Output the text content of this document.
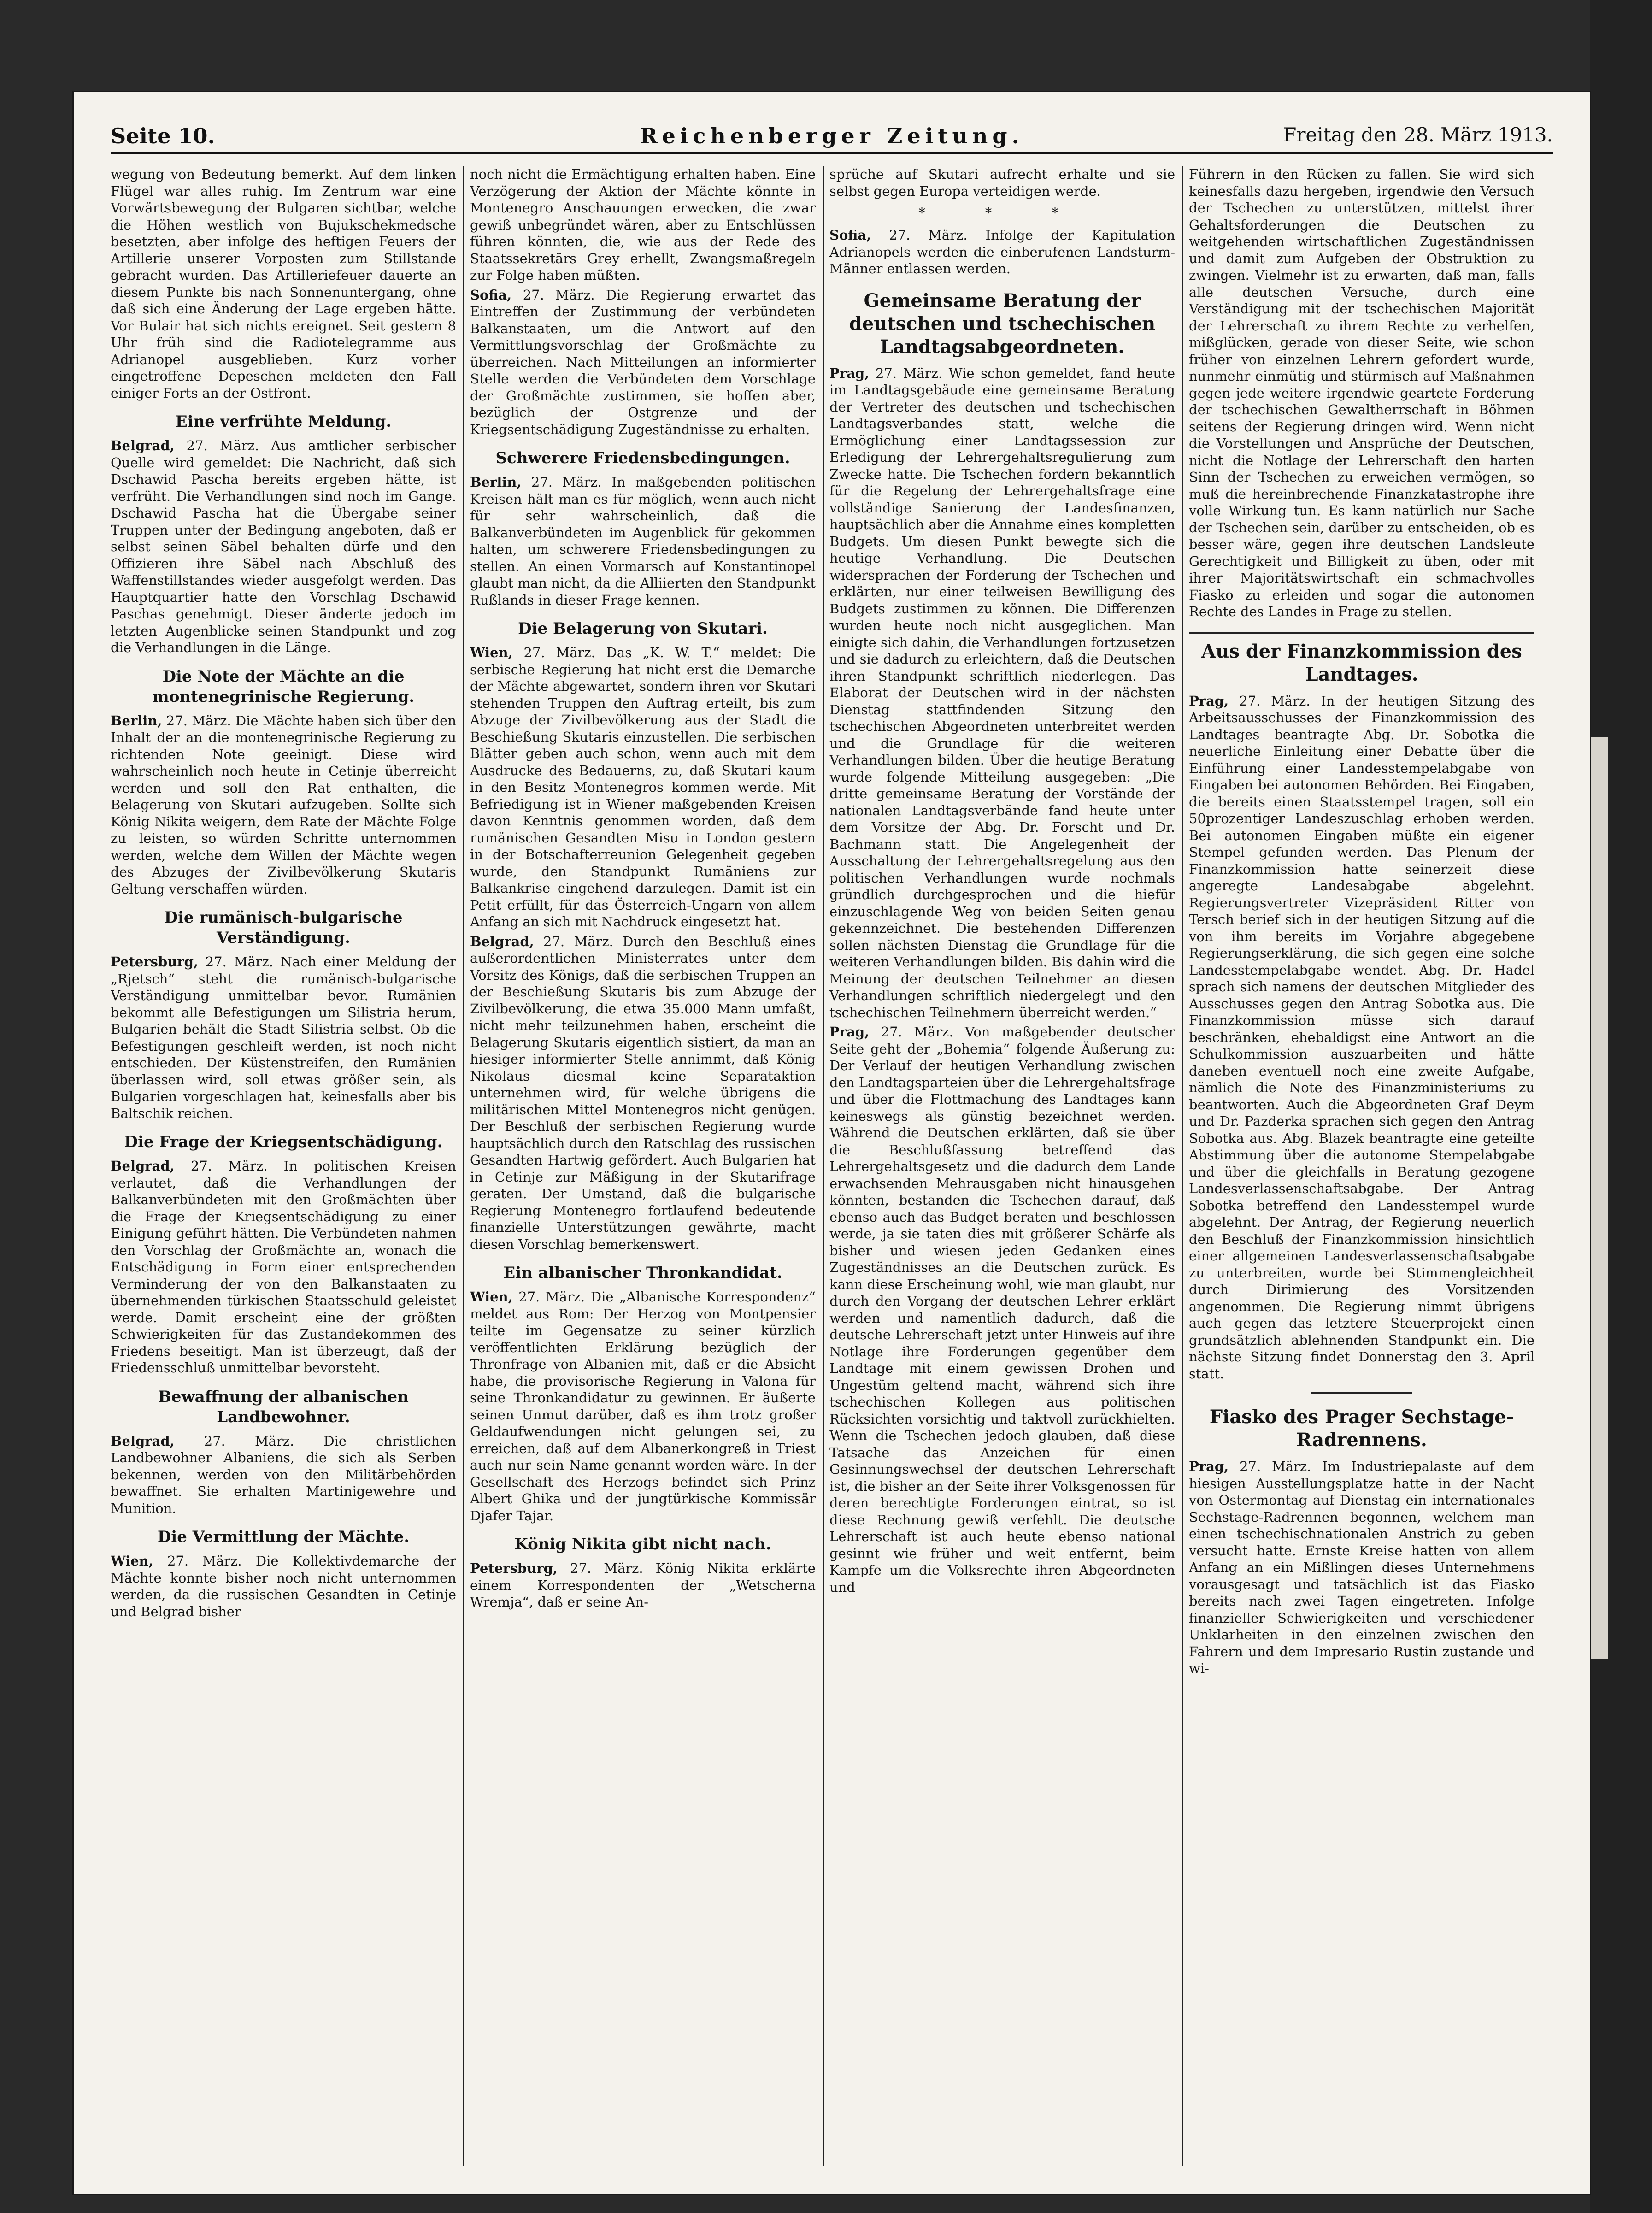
Seite 10.	Reichenberger Zeitung.	Freitag den 28. März 1913.

wegung von Bedeutung bemerkt. Auf dem linken Flügel war alles ruhig. Im Zentrum war eine Vorwärtsbewegung der Bulgaren sichtbar, welche die Höhen westlich von Bujukschekmedsche besetzten, aber infolge des heftigen Feuers der Artillerie unserer Vorposten zum Stillstande gebracht wurden. Das Artilleriefeuer dauerte an diesem Punkte bis nach Sonnenuntergang, ohne daß sich eine Änderung der Lage ergeben hätte. Vor Bulair hat sich nichts ereignet. Seit gestern 8 Uhr früh sind die Radiotelegramme aus Adrianopel ausgeblieben. Kurz vorher eingetroffene Depeschen meldeten den Fall einiger Forts an der Ostfront.

Eine verfrühte Meldung.

Belgrad, 27. März. Aus amtlicher serbischer Quelle wird gemeldet: Die Nachricht, daß sich Dschawid Pascha bereits ergeben hätte, ist verfrüht. Die Verhandlungen sind noch im Gange. Dschawid Pascha hat die Übergabe seiner Truppen unter der Bedingung angeboten, daß er selbst seinen Säbel behalten dürfe und den Offizieren ihre Säbel nach Abschluß des Waffenstillstandes wieder ausgefolgt werden. Das Hauptquartier hatte den Vorschlag Dschawid Paschas genehmigt. Dieser änderte jedoch im letzten Augenblicke seinen Standpunkt und zog die Verhandlungen in die Länge.

Die Note der Mächte an die montenegrinische Regierung.

Berlin, 27. März. Die Mächte haben sich über den Inhalt der an die montenegrinische Regierung zu richtenden Note geeinigt. Diese wird wahrscheinlich noch heute in Cetinje überreicht werden und soll den Rat enthalten, die Belagerung von Skutari aufzugeben. Sollte sich König Nikita weigern, dem Rate der Mächte Folge zu leisten, so würden Schritte unternommen werden, welche dem Willen der Mächte wegen des Abzuges der Zivilbevölkerung Skutaris Geltung verschaffen würden.

Die rumänisch-bulgarische Verständigung.

Petersburg, 27. März. Nach einer Meldung der „Rjetsch“ steht die rumänisch-bulgarische Verständigung unmittelbar bevor. Rumänien bekommt alle Befestigungen um Silistria herum, Bulgarien behält die Stadt Silistria selbst. Ob die Befestigungen geschleift werden, ist noch nicht entschieden. Der Küstenstreifen, den Rumänien überlassen wird, soll etwas größer sein, als Bulgarien vorgeschlagen hat, keinesfalls aber bis Baltschik reichen.

Die Frage der Kriegsentschädigung.

Belgrad, 27. März. In politischen Kreisen verlautet, daß die Verhandlungen der Balkanverbündeten mit den Großmächten über die Frage der Kriegsentschädigung zu einer Einigung geführt hätten. Die Verbündeten nahmen den Vorschlag der Großmächte an, wonach die Entschädigung in Form einer entsprechenden Verminderung der von den Balkanstaaten zu übernehmenden türkischen Staatsschuld geleistet werde. Damit erscheint eine der größten Schwierigkeiten für das Zustandekommen des Friedens beseitigt. Man ist überzeugt, daß der Friedensschluß unmittelbar bevorsteht.

Bewaffnung der albanischen Landbewohner.

Belgrad, 27. März. Die christlichen Landbewohner Albaniens, die sich als Serben bekennen, werden von den Militärbehörden bewaffnet. Sie erhalten Martinigewehre und Munition.

Die Vermittlung der Mächte.

Wien, 27. März. Die Kollektivdemarche der Mächte konnte bisher noch nicht unternommen werden, da die russischen Gesandten in Cetinje und Belgrad bisher

noch nicht die Ermächtigung erhalten haben. Eine Verzögerung der Aktion der Mächte könnte in Montenegro Anschauungen erwecken, die zwar gewiß unbegründet wären, aber zu Entschlüssen führen könnten, die, wie aus der Rede des Staatssekretärs Grey erhellt, Zwangsmaßregeln zur Folge haben müßten.

Sofia, 27. März. Die Regierung erwartet das Eintreffen der Zustimmung der verbündeten Balkanstaaten, um die Antwort auf den Vermittlungsvorschlag der Großmächte zu überreichen. Nach Mitteilungen an informierter Stelle werden die Verbündeten dem Vorschlage der Großmächte zustimmen, sie hoffen aber, bezüglich der Ostgrenze und der Kriegsentschädigung Zugeständnisse zu erhalten.

Schwerere Friedensbedingungen.

Berlin, 27. März. In maßgebenden politischen Kreisen hält man es für möglich, wenn auch nicht für sehr wahrscheinlich, daß die Balkanverbündeten im Augenblick für gekommen halten, um schwerere Friedensbedingungen zu stellen. An einen Vormarsch auf Konstantinopel glaubt man nicht, da die Alliierten den Standpunkt Rußlands in dieser Frage kennen.

Die Belagerung von Skutari.

Wien, 27. März. Das „K. W. T.“ meldet: Die serbische Regierung hat nicht erst die Demarche der Mächte abgewartet, sondern ihren vor Skutari stehenden Truppen den Auftrag erteilt, bis zum Abzuge der Zivilbevölkerung aus der Stadt die Beschießung Skutaris einzustellen. Die serbischen Blätter geben auch schon, wenn auch mit dem Ausdrucke des Bedauerns, zu, daß Skutari kaum in den Besitz Montenegros kommen werde. Mit Befriedigung ist in Wiener maßgebenden Kreisen davon Kenntnis genommen worden, daß dem rumänischen Gesandten Misu in London gestern in der Botschafterreunion Gelegenheit gegeben wurde, den Standpunkt Rumäniens zur Balkankrise eingehend darzulegen. Damit ist ein Petit erfüllt, für das Österreich-Ungarn von allem Anfang an sich mit Nachdruck eingesetzt hat.

Belgrad, 27. März. Durch den Beschluß eines außerordentlichen Ministerrates unter dem Vorsitz des Königs, daß die serbischen Truppen an der Beschießung Skutaris bis zum Abzuge der Zivilbevölkerung, die etwa 35.000 Mann umfaßt, nicht mehr teilzunehmen haben, erscheint die Belagerung Skutaris eigentlich sistiert, da man an hiesiger informierter Stelle annimmt, daß König Nikolaus diesmal keine Separataktion unternehmen wird, für welche übrigens die militärischen Mittel Montenegros nicht genügen. Der Beschluß der serbischen Regierung wurde hauptsächlich durch den Ratschlag des russischen Gesandten Hartwig gefördert. Auch Bulgarien hat in Cetinje zur Mäßigung in der Skutarifrage geraten. Der Umstand, daß die bulgarische Regierung Montenegro fortlaufend bedeutende finanzielle Unterstützungen gewährte, macht diesen Vorschlag bemerkenswert.

Ein albanischer Thronkandidat.

Wien, 27. März. Die „Albanische Korrespondenz“ meldet aus Rom: Der Herzog von Montpensier teilte im Gegensatze zu seiner kürzlich veröffentlichten Erklärung bezüglich der Thronfrage von Albanien mit, daß er die Absicht habe, die provisorische Regierung in Valona für seine Thronkandidatur zu gewinnen. Er äußerte seinen Unmut darüber, daß es ihm trotz großer Geldaufwendungen nicht gelungen sei, zu erreichen, daß auf dem Albanerkongreß in Triest auch nur sein Name genannt worden wäre. In der Gesellschaft des Herzogs befindet sich Prinz Albert Ghika und der jungtürkische Kommissär Djafer Tajar.

König Nikita gibt nicht nach.

Petersburg, 27. März. König Nikita erklärte einem Korrespondenten der „Wetscherna Wremja“, daß er seine An-

sprüche auf Skutari aufrecht erhalte und sie selbst gegen Europa verteidigen werde.

* * *

Sofia, 27. März. Infolge der Kapitulation Adrianopels werden die einberufenen Landsturm-Männer entlassen werden.

Gemeinsame Beratung der deutschen und tschechischen Landtagsabgeordneten.

Prag, 27. März. Wie schon gemeldet, fand heute im Landtagsgebäude eine gemeinsame Beratung der Vertreter des deutschen und tschechischen Landtagsverbandes statt, welche die Ermöglichung einer Landtagssession zur Erledigung der Lehrergehaltsregulierung zum Zwecke hatte. Die Tschechen fordern bekanntlich für die Regelung der Lehrergehaltsfrage eine vollständige Sanierung der Landesfinanzen, hauptsächlich aber die Annahme eines kompletten Budgets. Um diesen Punkt bewegte sich die heutige Verhandlung. Die Deutschen widersprachen der Forderung der Tschechen und erklärten, nur einer teilweisen Bewilligung des Budgets zustimmen zu können. Die Differenzen wurden heute noch nicht ausgeglichen. Man einigte sich dahin, die Verhandlungen fortzusetzen und sie dadurch zu erleichtern, daß die Deutschen ihren Standpunkt schriftlich niederlegen. Das Elaborat der Deutschen wird in der nächsten Dienstag stattfindenden Sitzung den tschechischen Abgeordneten unterbreitet werden und die Grundlage für die weiteren Verhandlungen bilden. Über die heutige Beratung wurde folgende Mitteilung ausgegeben: „Die dritte gemeinsame Beratung der Vorstände der nationalen Landtagsverbände fand heute unter dem Vorsitze der Abg. Dr. Forscht und Dr. Bachmann statt. Die Angelegenheit der Ausschaltung der Lehrergehaltsregelung aus den politischen Verhandlungen wurde nochmals gründlich durchgesprochen und die hiefür einzuschlagende Weg von beiden Seiten genau gekennzeichnet. Die bestehenden Differenzen sollen nächsten Dienstag die Grundlage für die weiteren Verhandlungen bilden. Bis dahin wird die Meinung der deutschen Teilnehmer an diesen Verhandlungen schriftlich niedergelegt und den tschechischen Teilnehmern überreicht werden.“

Prag, 27. März. Von maßgebender deutscher Seite geht der „Bohemia“ folgende Äußerung zu: Der Verlauf der heutigen Verhandlung zwischen den Landtagsparteien über die Lehrergehaltsfrage und über die Flottmachung des Landtages kann keineswegs als günstig bezeichnet werden. Während die Deutschen erklärten, daß sie über die Beschlußfassung betreffend das Lehrergehaltsgesetz und die dadurch dem Lande erwachsenden Mehrausgaben nicht hinausgehen könnten, bestanden die Tschechen darauf, daß ebenso auch das Budget beraten und beschlossen werde, ja sie taten dies mit größerer Schärfe als bisher und wiesen jeden Gedanken eines Zugeständnisses an die Deutschen zurück. Es kann diese Erscheinung wohl, wie man glaubt, nur durch den Vorgang der deutschen Lehrer erklärt werden und namentlich dadurch, daß die deutsche Lehrerschaft jetzt unter Hinweis auf ihre Notlage ihre Forderungen gegenüber dem Landtage mit einem gewissen Drohen und Ungestüm geltend macht, während sich ihre tschechischen Kollegen aus politischen Rücksichten vorsichtig und taktvoll zurückhielten. Wenn die Tschechen jedoch glauben, daß diese Tatsache das Anzeichen für einen Gesinnungswechsel der deutschen Lehrerschaft ist, die bisher an der Seite ihrer Volksgenossen für deren berechtigte Forderungen eintrat, so ist diese Rechnung gewiß verfehlt. Die deutsche Lehrerschaft ist auch heute ebenso national gesinnt wie früher und weit entfernt, beim Kampfe um die Volksrechte ihren Abgeordneten und

Führern in den Rücken zu fallen. Sie wird sich keinesfalls dazu hergeben, irgendwie den Versuch der Tschechen zu unterstützen, mittelst ihrer Gehaltsforderungen die Deutschen zu weitgehenden wirtschaftlichen Zugeständnissen und damit zum Aufgeben der Obstruktion zu zwingen. Vielmehr ist zu erwarten, daß man, falls alle deutschen Versuche, durch eine Verständigung mit der tschechischen Majorität der Lehrerschaft zu ihrem Rechte zu verhelfen, mißglücken, gerade von dieser Seite, wie schon früher von einzelnen Lehrern gefordert wurde, nunmehr einmütig und stürmisch auf Maßnahmen gegen jede weitere irgendwie geartete Forderung der tschechischen Gewaltherrschaft in Böhmen seitens der Regierung dringen wird. Wenn nicht die Vorstellungen und Ansprüche der Deutschen, nicht die Notlage der Lehrerschaft den harten Sinn der Tschechen zu erweichen vermögen, so muß die hereinbrechende Finanzkatastrophe ihre volle Wirkung tun. Es kann natürlich nur Sache der Tschechen sein, darüber zu entscheiden, ob es besser wäre, gegen ihre deutschen Landsleute Gerechtigkeit und Billigkeit zu üben, oder mit ihrer Majoritätswirtschaft ein schmachvolles Fiasko zu erleiden und sogar die autonomen Rechte des Landes in Frage zu stellen.

Aus der Finanzkommission des Landtages.

Prag, 27. März. In der heutigen Sitzung des Arbeitsausschusses der Finanzkommission des Landtages beantragte Abg. Dr. Sobotka die neuerliche Einleitung einer Debatte über die Einführung einer Landesstempelabgabe von Eingaben bei autonomen Behörden. Bei Eingaben, die bereits einen Staatsstempel tragen, soll ein 50prozentiger Landeszuschlag erhoben werden. Bei autonomen Eingaben müßte ein eigener Stempel gefunden werden. Das Plenum der Finanzkommission hatte seinerzeit diese angeregte Landesabgabe abgelehnt. Regierungsvertreter Vizepräsident Ritter von Tersch berief sich in der heutigen Sitzung auf die von ihm bereits im Vorjahre abgegebene Regierungserklärung, die sich gegen eine solche Landesstempelabgabe wendet. Abg. Dr. Hadel sprach sich namens der deutschen Mitglieder des Ausschusses gegen den Antrag Sobotka aus. Die Finanzkommission müsse sich darauf beschränken, ehebaldigst eine Antwort an die Schulkommission auszuarbeiten und hätte daneben eventuell noch eine zweite Aufgabe, nämlich die Note des Finanzministeriums zu beantworten. Auch die Abgeordneten Graf Deym und Dr. Pazderka sprachen sich gegen den Antrag Sobotka aus. Abg. Blazek beantragte eine geteilte Abstimmung über die autonome Stempelabgabe und über die gleichfalls in Beratung gezogene Landesverlassenschaftsabgabe. Der Antrag Sobotka betreffend den Landesstempel wurde abgelehnt. Der Antrag, der Regierung neuerlich den Beschluß der Finanzkommission hinsichtlich einer allgemeinen Landesverlassenschaftsabgabe zu unterbreiten, wurde bei Stimmengleichheit durch Dirimierung des Vorsitzenden angenommen. Die Regierung nimmt übrigens auch gegen das letztere Steuerprojekt einen grundsätzlich ablehnenden Standpunkt ein. Die nächste Sitzung findet Donnerstag den 3. April statt.

Fiasko des Prager Sechstage-Radrennens.

Prag, 27. März. Im Industriepalaste auf dem hiesigen Ausstellungsplatze hatte in der Nacht von Ostermontag auf Dienstag ein internationales Sechstage-Radrennen begonnen, welchem man einen tschechischnationalen Anstrich zu geben versucht hatte. Ernste Kreise hatten von allem Anfang an ein Mißlingen dieses Unternehmens vorausgesagt und tatsächlich ist das Fiasko bereits nach zwei Tagen eingetreten. Infolge finanzieller Schwierigkeiten und verschiedener Unklarheiten in den einzelnen zwischen den Fahrern und dem Impresario Rustin zustande und wi-
